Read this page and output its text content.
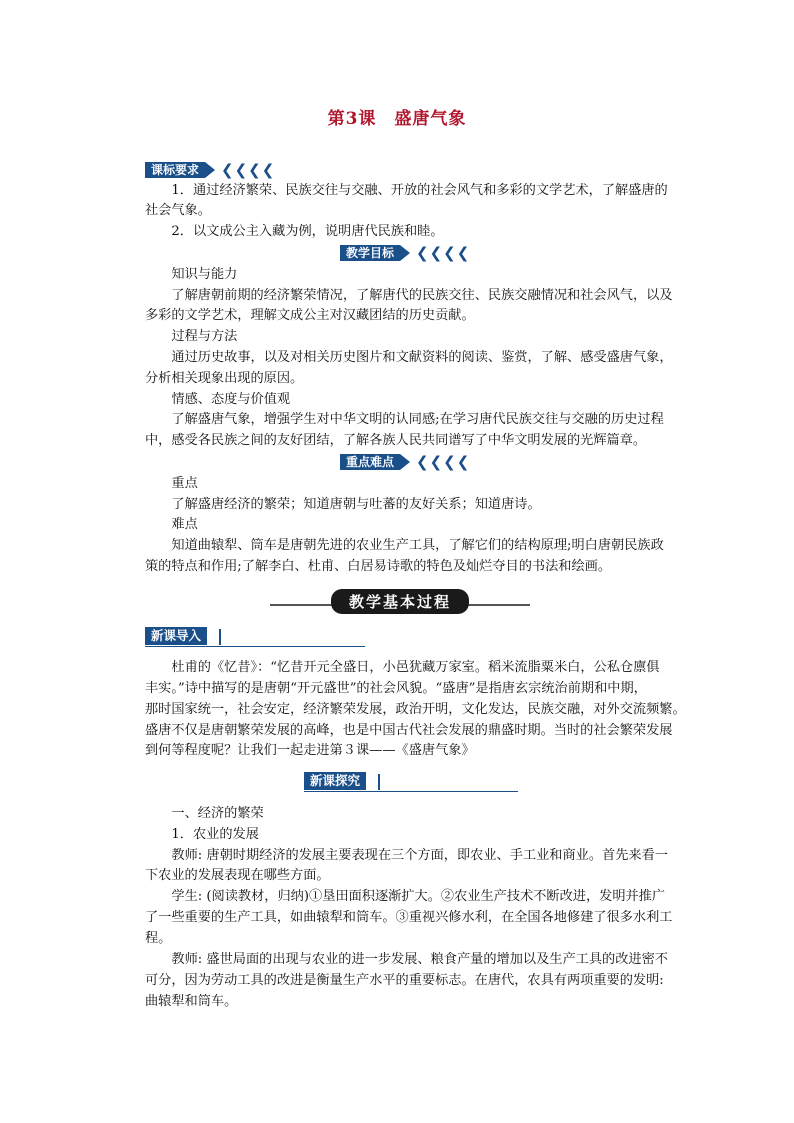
第3课　盛唐气象
课标要求	❮❮❮❮
1．通过经济繁荣、民族交往与交融、开放的社会风气和多彩的文学艺术，了解盛唐的
社会气象。
2．以文成公主入藏为例，说明唐代民族和睦。
教学目标	❮❮❮❮
知识与能力
了解唐朝前期的经济繁荣情况，了解唐代的民族交往、民族交融情况和社会风气，以及
多彩的文学艺术，理解文成公主对汉藏团结的历史贡献。
过程与方法
通过历史故事，以及对相关历史图片和文献资料的阅读、鉴赏，了解、感受盛唐气象，
分析相关现象出现的原因。
情感、态度与价值观
了解盛唐气象，增强学生对中华文明的认同感;在学习唐代民族交往与交融的历史过程
中，感受各民族之间的友好团结，了解各族人民共同谱写了中华文明发展的光辉篇章。
重点难点	❮❮❮❮
重点
了解盛唐经济的繁荣；知道唐朝与吐蕃的友好关系；知道唐诗。
难点
知道曲辕犁、筒车是唐朝先进的农业生产工具，了解它们的结构原理;明白唐朝民族政
策的特点和作用;了解李白、杜甫、白居易诗歌的特色及灿烂夺目的书法和绘画。
教学基本过程
新课导入
杜甫的《忆昔》：“忆昔开元全盛日，小邑犹藏万家室。稻米流脂粟米白，公私仓廪俱
丰实。”诗中描写的是唐朝“开元盛世”的社会风貌。“盛唐”是指唐玄宗统治前期和中期，
那时国家统一，社会安定，经济繁荣发展，政治开明，文化发达，民族交融，对外交流频繁。
盛唐不仅是唐朝繁荣发展的高峰，也是中国古代社会发展的鼎盛时期。当时的社会繁荣发展
到何等程度呢？让我们一起走进第３课——《盛唐气象》
新课探究
一、经济的繁荣
1．农业的发展
教师: 唐朝时期经济的发展主要表现在三个方面，即农业、手工业和商业。首先来看一
下农业的发展表现在哪些方面。
学生: (阅读教材，归纳)①垦田面积逐渐扩大。②农业生产技术不断改进，发明并推广
了一些重要的生产工具，如曲辕犁和筒车。③重视兴修水利，在全国各地修建了很多水利工
程。
教师: 盛世局面的出现与农业的进一步发展、粮食产量的增加以及生产工具的改进密不
可分，因为劳动工具的改进是衡量生产水平的重要标志。在唐代，农具有两项重要的发明:
曲辕犁和筒车。
